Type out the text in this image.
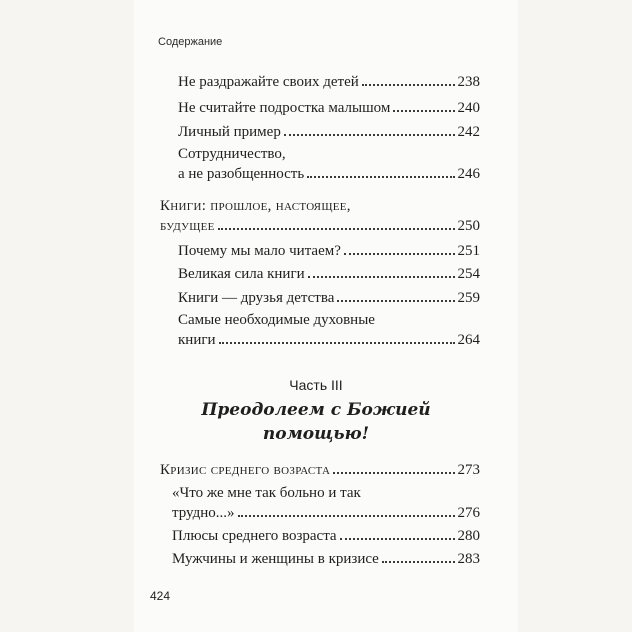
Содержание
Не раздражайте своих детей	238
Не считайте подростка малышом	240
Личный пример	242
Сотрудничество,
а не разобщенность	246
Книги: прошлое, настоящее,
будущее	250
Почему мы мало читаем?	251
Великая сила книги	254
Книги — друзья детства	259
Самые необходимые духовные
книги	264
Часть III
Преодолеем с Божией
помощью!
Кризис среднего возраста	273
«Что же мне так больно и так
трудно...»	276
Плюсы среднего возраста	280
Мужчины и женщины в кризисе	283
424
